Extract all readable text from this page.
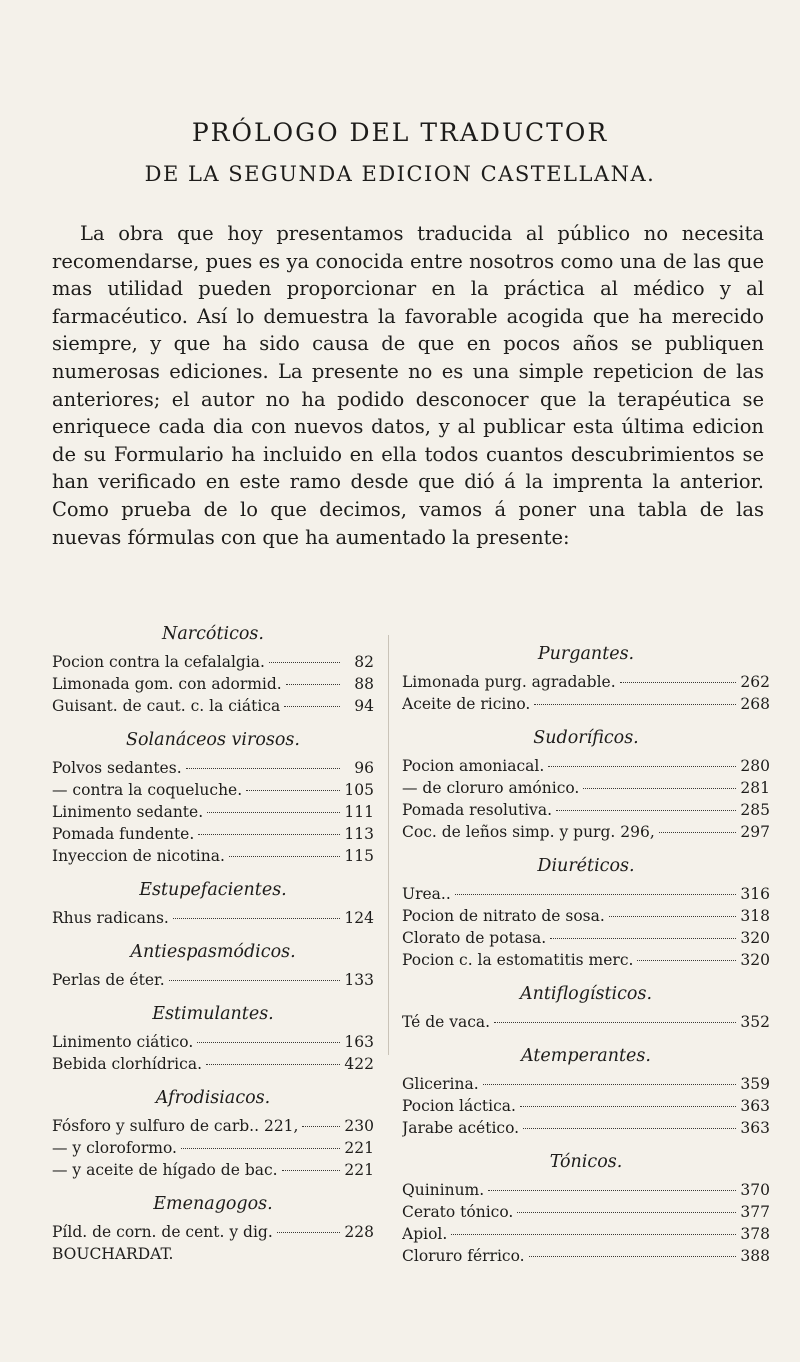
PRÓLOGO DEL TRADUCTOR
DE LA SEGUNDA EDICION CASTELLANA.

La obra que hoy presentamos traducida al público no necesita recomendarse, pues es ya conocida entre nosotros como una de las que mas utilidad pueden proporcionar en la práctica al médico y al farmacéutico. Así lo demuestra la favorable acogida que ha merecido siempre, y que ha sido causa de que en pocos años se publiquen numerosas ediciones. La presente no es una simple repeticion de las anteriores; el autor no ha podido desconocer que la terapéutica se enriquece cada dia con nuevos datos, y al publicar esta última edicion de su Formulario ha incluido en ella todos cuantos descubrimientos se han verificado en este ramo desde que dió á la imprenta la anterior. Como prueba de lo que decimos, vamos á poner una tabla de las nuevas fórmulas con que ha aumentado la presente:

Narcóticos.
Pocion contra la cefalalgia.	82
Limonada gom. con adormid.	88
Guisant. de caut. c. la ciática	94
Solanáceos virosos.
Polvos sedantes.	96
— contra la coqueluche.	105
Linimento sedante.	111
Pomada fundente.	113
Inyeccion de nicotina.	115
Estupefacientes.
Rhus radicans.	124
Antiespasmódicos.
Perlas de éter.	133
Estimulantes.
Linimento ciático.	163
Bebida clorhídrica.	422
Afrodisiacos.
Fósforo y sulfuro de carb.. 221,	230
— y cloroformo.	221
— y aceite de hígado de bac.	221
Emenagogos.
Píld. de corn. de cent. y dig.	228
BOUCHARDAT.
Purgantes.
Limonada purg. agradable.	262
Aceite de ricino.	268
Sudoríficos.
Pocion amoniacal.	280
— de cloruro amónico.	281
Pomada resolutiva.	285
Coc. de leños simp. y purg. 296,	297
Diuréticos.
Urea..	316
Pocion de nitrato de sosa.	318
Clorato de potasa.	320
Pocion c. la estomatitis merc.	320
Antiflogísticos.
Té de vaca.	352
Atemperantes.
Glicerina.	359
Pocion láctica.	363
Jarabe acético.	363
Tónicos.
Quininum.	370
Cerato tónico.	377
Apiol.	378
Cloruro férrico.	388
